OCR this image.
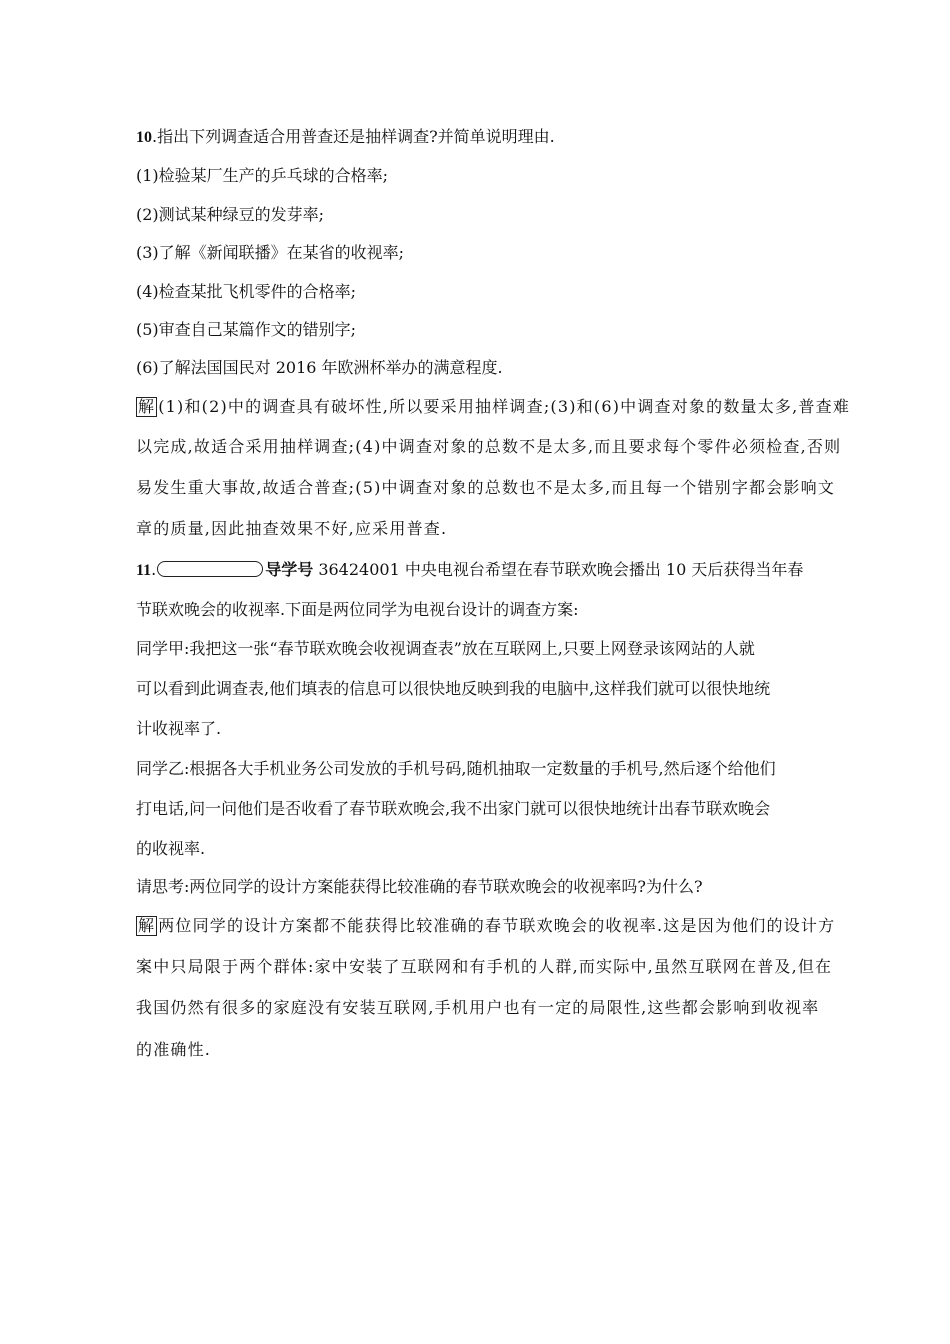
10.指出下列调查适合用普查还是抽样调查?并简单说明理由.
(1)检验某厂生产的乒乓球的合格率;
(2)测试某种绿豆的发芽率;
(3)了解《新闻联播》在某省的收视率;
(4)检查某批飞机零件的合格率;
(5)审查自己某篇作文的错别字;
(6)了解法国国民对 2016 年欧洲杯举办的满意程度.
解 (1)和(2)中的调查具有破坏性,所以要采用抽样调查;(3)和(6)中调查对象的数量太多,普查难
以完成,故适合采用抽样调查;(4)中调查对象的总数不是太多,而且要求每个零件必须检查,否则
易发生重大事故,故适合普查;(5)中调查对象的总数也不是太多,而且每一个错别字都会影响文
章的质量,因此抽查效果不好,应采用普查.
11.	导学号 36424001 中央电视台希望在春节联欢晚会播出 10 天后获得当年春
节联欢晚会的收视率.下面是两位同学为电视台设计的调查方案:
同学甲:我把这一张“春节联欢晚会收视调查表”放在互联网上,只要上网登录该网站的人就
可以看到此调查表,他们填表的信息可以很快地反映到我的电脑中,这样我们就可以很快地统
计收视率了.
同学乙:根据各大手机业务公司发放的手机号码,随机抽取一定数量的手机号,然后逐个给他们
打电话,问一问他们是否收看了春节联欢晚会,我不出家门就可以很快地统计出春节联欢晚会
的收视率.
请思考:两位同学的设计方案能获得比较准确的春节联欢晚会的收视率吗?为什么?
解 两位同学的设计方案都不能获得比较准确的春节联欢晚会的收视率.这是因为他们的设计方
案中只局限于两个群体:家中安装了互联网和有手机的人群,而实际中,虽然互联网在普及,但在
我国仍然有很多的家庭没有安装互联网,手机用户也有一定的局限性,这些都会影响到收视率
的准确性.
